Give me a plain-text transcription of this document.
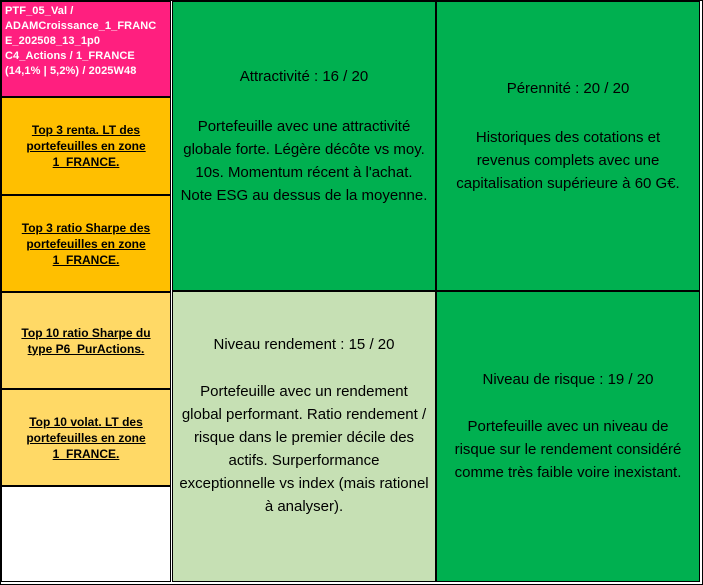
PTF_05_Val /
ADAMCroissance_1_FRANC
E_202508_13_1p0
C4_Actions / 1_FRANCE
(14,1% | 5,2%) / 2025W48
Top 3 renta. LT des portefeuilles en zone 1_FRANCE.
Top 3 ratio Sharpe des portefeuilles en zone 1_FRANCE.
Top 10 ratio Sharpe du type P6_PurActions.
Top 10 volat. LT des portefeuilles en zone 1_FRANCE.
Attractivité : 16 / 20
Portefeuille avec une attractivité globale forte. Légère décôte vs moy. 10s. Momentum récent à l'achat. Note ESG au dessus de la moyenne.
Pérennité : 20 / 20
Historiques des cotations et revenus complets avec une capitalisation supérieure à 60 G€.
Niveau rendement : 15 / 20
Portefeuille avec un rendement global performant. Ratio rendement / risque dans le premier décile des actifs. Surperformance exceptionnelle vs index (mais rationel à analyser).
Niveau de risque : 19 / 20
Portefeuille avec un niveau de risque sur le rendement considéré comme très faible voire inexistant.
